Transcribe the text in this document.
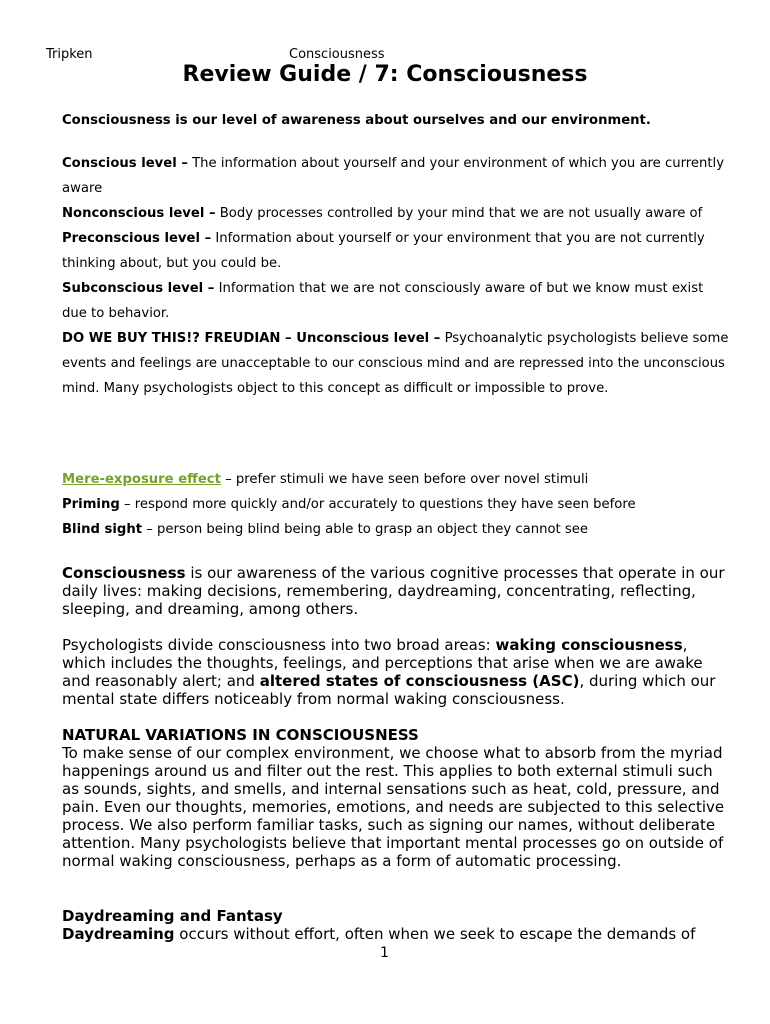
Tripken	Consciousness
Review Guide / 7: Consciousness
Consciousness is our level of awareness about ourselves and our environment.
Conscious level – The information about yourself and your environment of which you are currently aware
Nonconscious level – Body processes controlled by your mind that we are not usually aware of
Preconscious level – Information about yourself or your environment that you are not currently thinking about, but you could be.
Subconscious level – Information that we are not consciously aware of but we know must exist due to behavior.
DO WE BUY THIS!? FREUDIAN – Unconscious level – Psychoanalytic psychologists believe some events and feelings are unacceptable to our conscious mind and are repressed into the unconscious mind. Many psychologists object to this concept as difficult or impossible to prove.
Mere-exposure effect – prefer stimuli we have seen before over novel stimuli
Priming – respond more quickly and/or accurately to questions they have seen before
Blind sight – person being blind being able to grasp an object they cannot see
Consciousness is our awareness of the various cognitive processes that operate in our daily lives: making decisions, remembering, daydreaming, concentrating, reflecting, sleeping, and dreaming, among others.
Psychologists divide consciousness into two broad areas: waking consciousness, which includes the thoughts, feelings, and perceptions that arise when we are awake and reasonably alert; and altered states of consciousness (ASC), during which our mental state differs noticeably from normal waking consciousness.
NATURAL VARIATIONS IN CONSCIOUSNESS
To make sense of our complex environment, we choose what to absorb from the myriad happenings around us and filter out the rest. This applies to both external stimuli such as sounds, sights, and smells, and internal sensations such as heat, cold, pressure, and pain. Even our thoughts, memories, emotions, and needs are subjected to this selective process. We also perform familiar tasks, such as signing our names, without deliberate attention. Many psychologists believe that important mental processes go on outside of normal waking consciousness, perhaps as a form of automatic processing.
Daydreaming and Fantasy
Daydreaming occurs without effort, often when we seek to escape the demands of
1
